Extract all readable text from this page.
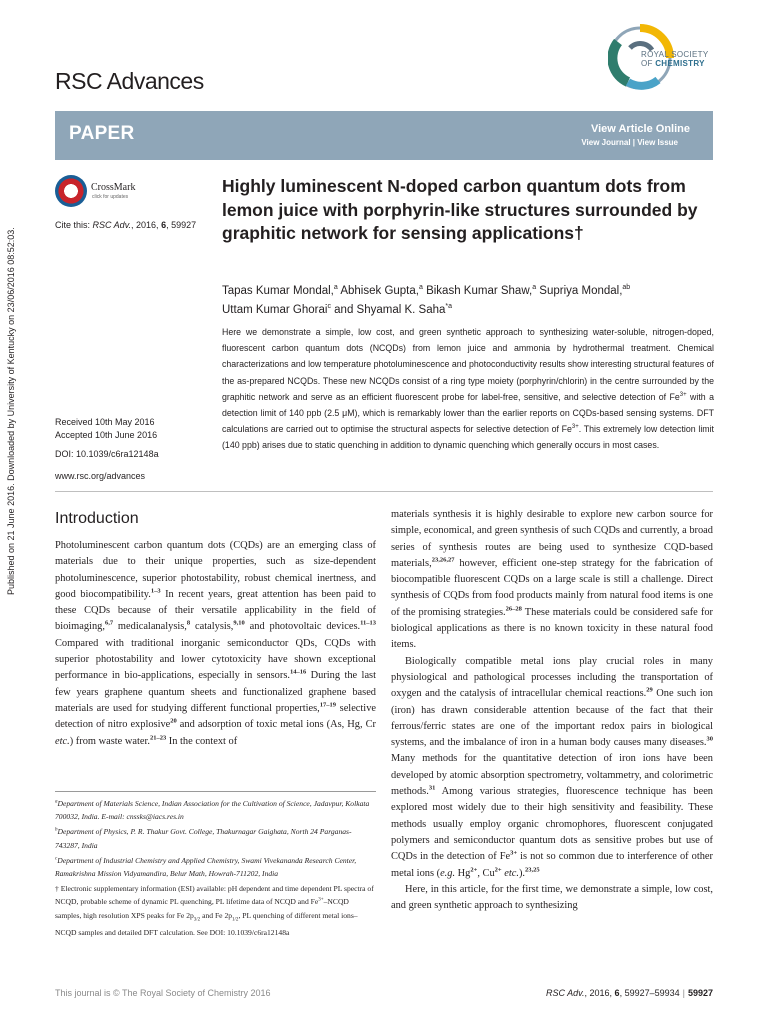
Published on 21 June 2016. Downloaded by University of Kentucky on 23/06/2016 08:52:03.
ROYAL SOCIETY
OF CHEMISTRY
RSC Advances
PAPER	View Article Online
View Journal | View Issue
CrossMark
click for updates
Cite this: RSC Adv., 2016, 6, 59927
Highly luminescent N-doped carbon quantum dots from lemon juice with porphyrin-like structures surrounded by graphitic network for sensing applications†
Tapas Kumar Mondal,$^a$ Abhisek Gupta,$^a$ Bikash Kumar Shaw,$^a$ Supriya Mondal,$^{ab}$
Uttam Kumar Ghorai$^c$ and Shyamal K. Saha$^{*a}$
Here we demonstrate a simple, low cost, and green synthetic approach to synthesizing water-soluble, nitrogen-doped, fluorescent carbon quantum dots (NCQDs) from lemon juice and ammonia by hydrothermal treatment. Chemical characterizations and low temperature photoluminescence and photoconductivity results show interesting structural features of the as-prepared NCQDs. These new NCQDs consist of a ring type moiety (porphyrin/chlorin) in the centre surrounded by the graphitic network and serve as an efficient fluorescent probe for label-free, sensitive, and selective detection of $Fe^{3+}$ with a detection limit of 140 ppb (2.5 μM), which is remarkably lower than the earlier reports on CQDs-based sensing systems. DFT calculations are carried out to optimise the structural aspects for selective detection of $Fe^{3+}$. This extremely low detection limit (140 ppb) arises due to static quenching in addition to dynamic quenching which generally occurs in most cases.
Received 10th May 2016
Accepted 10th June 2016
DOI: 10.1039/c6ra12148a
www.rsc.org/advances
Introduction

Photoluminescent carbon quantum dots (CQDs) are an emerging class of materials due to their unique properties, such as size-dependent photoluminescence, superior photostability, robust chemical inertness, and good biocompatibility.$^{1-3}$ In recent years, great attention has been paid to these CQDs because of their versatile applicability in the field of bioimaging,$^{6,7}$ medicalanalysis,$^8$ catalysis,$^{9,10}$ and photovoltaic devices.$^{11-13}$ Compared with traditional inorganic semiconductor QDs, CQDs with superior photostability and lower cytotoxicity have shown exceptional performance in bio-applications, especially in sensors.$^{14-16}$ During the last few years graphene quantum sheets and functionalized graphene based materials are used for studying different functional properties,$^{17-19}$ selective detection of nitro explosive$^{20}$ and adsorption of toxic metal ions (As, Hg, Cr etc.) from waste water.$^{21-23}$ In the context of

$^a$Department of Materials Science, Indian Association for the Cultivation of Science, Jadavpur, Kolkata 700032, India. E-mail: cnssks@iacs.res.in
$^b$Department of Physics, P. R. Thakur Govt. College, Thakurnagar Gaighata, North 24 Parganas-743287, India
$^c$Department of Industrial Chemistry and Applied Chemistry, Swami Vivekananda Research Center, Ramakrishna Mission Vidyamandira, Belur Math, Howrah-711202, India
† Electronic supplementary information (ESI) available: pH dependent and time dependent PL spectra of NCQD, probable scheme of dynamic PL quenching, PL lifetime data of NCQD and $Fe^{3+}$–NCQD samples, high resolution XPS peaks for Fe $2p_{3/2}$ and Fe $2p_{1/2}$, PL quenching of different metal ions–NCQD samples and detailed DFT calculation. See DOI: 10.1039/c6ra12148a

materials synthesis it is highly desirable to explore new carbon source for simple, economical, and green synthesis of such CQDs and currently, a broad series of synthesis routes are being used to synthesize CQD-based materials,$^{23,26,27}$ however, efficient one-step strategy for the fabrication of biocompatible fluorescent CQDs on a large scale is still a challenge. Direct synthesis of CQDs from food products mainly from natural food items is one of the promising strategies.$^{26-28}$ These materials could be considered safe for biological applications as there is no known toxicity in these natural food items.

Biologically compatible metal ions play crucial roles in many physiological and pathological processes including the transportation of oxygen and the catalysis of intracellular chemical reactions.$^{29}$ One such ion (iron) has drawn considerable attention because of the fact that their ferrous/ferric states are one of the important redox pairs in biological systems, and the imbalance of iron in a human body causes many diseases.$^{30}$ Many methods for the quantitative detection of iron ions have been developed by atomic absorption spectrometry, voltammetry, and colorimetric methods.$^{31}$ Among various strategies, fluorescence technique has been explored most widely due to their high sensitivity and feasibility. These methods usually employ organic chromophores, fluorescent conjugated polymers and semiconductor quantum dots as sensitive probes but use of CQDs in the detection of $Fe^{3+}$ is not so common due to interference of other metal ions (e.g. $Hg^{2+}$, $Cu^{2+}$ etc.).$^{23,25}$

Here, in this article, for the first time, we demonstrate a simple, low cost, and green synthetic approach to synthesizing

This journal is © The Royal Society of Chemistry 2016	RSC Adv., 2016, 6, 59927–59934 | 59927
